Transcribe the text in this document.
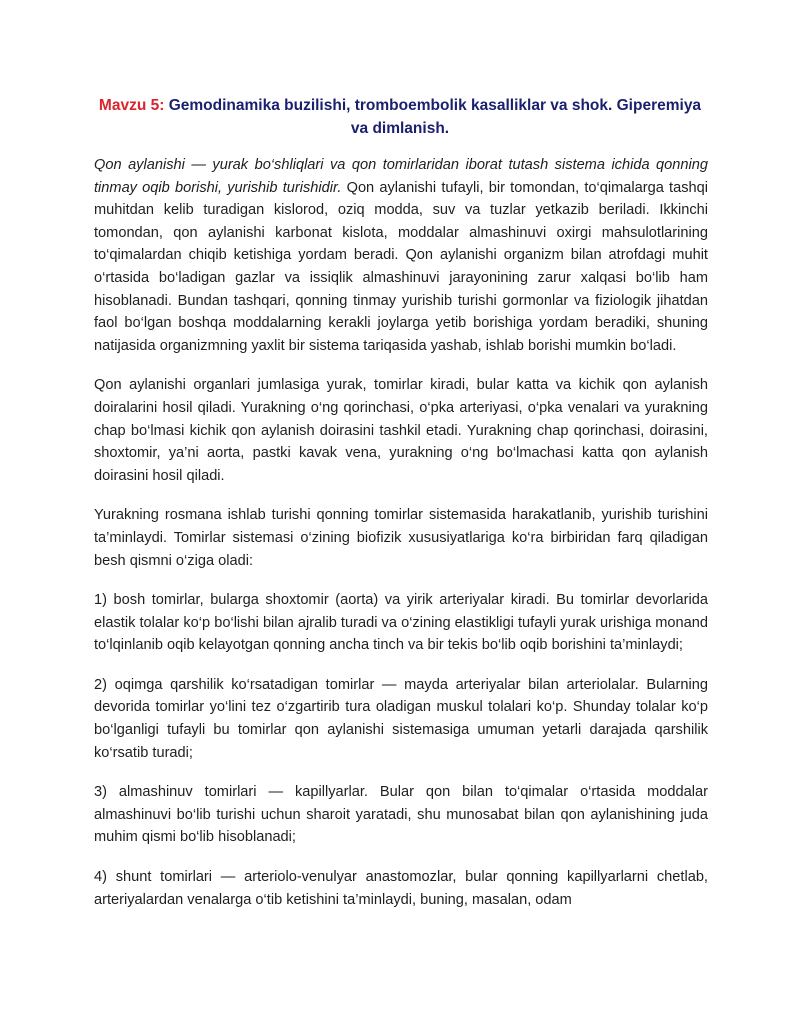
Mavzu 5: Gemodinamika buzilishi, tromboembolik kasalliklar va shok. Giperemiya va dimlanish.

Qon aylanishi — yurak bo‘shliqlari va qon tomirlaridan iborat tutash sistema ichida qonning tinmay oqib borishi, yurishib turishidir. Qon aylanishi tufayli, bir tomondan, to‘qimalarga tashqi muhitdan kelib turadigan kislorod, oziq modda, suv va tuzlar yetkazib beriladi. Ikkinchi tomondan, qon aylanishi karbonat kislota, moddalar almashinuvi oxirgi mahsulotlarining to‘qimalardan chiqib ketishiga yordam beradi. Qon aylanishi organizm bilan atrofdagi muhit o‘rtasida bo‘ladigan gazlar va issiqlik almashinuvi jarayonining zarur xalqasi bo‘lib ham hisoblanadi. Bundan tashqari, qonning tinmay yurishib turishi gormonlar va fiziologik jihatdan faol bo‘lgan boshqa moddalarning kerakli joylarga yetib borishiga yordam beradiki, shuning natijasida organizmning yaxlit bir sistema tariqasida yashab, ishlab borishi mumkin bo‘ladi.

Qon aylanishi organlari jumlasiga yurak, tomirlar kiradi, bular katta va kichik qon aylanish doiralarini hosil qiladi. Yurakning o‘ng qorinchasi, o‘pka arteriyasi, o‘pka venalari va yurakning chap bo‘lmasi kichik qon aylanish doirasini tashkil etadi. Yurakning chap qorinchasi, doirasini, shoxtomir, ya’ni aorta, pastki kavak vena, yurakning o‘ng bo‘lmachasi katta qon aylanish doirasini hosil qiladi.

Yurakning rosmana ishlab turishi qonning tomirlar sistemasida harakatlanib, yurishib turishini ta’minlaydi. Tomirlar sistemasi o‘zining biofizik xususiyatlariga ko‘ra birbiridan farq qiladigan besh qismni o‘ziga oladi:

1) bosh tomirlar, bularga shoxtomir (aorta) va yirik arteriyalar kiradi. Bu tomirlar devorlarida elastik tolalar ko‘p bo‘lishi bilan ajralib turadi va o‘zining elastikligi tufayli yurak urishiga monand to‘lqinlanib oqib kelayotgan qonning ancha tinch va bir tekis bo‘lib oqib borishini ta’minlaydi;

2) oqimga qarshilik ko‘rsatadigan tomirlar — mayda arteriyalar bilan arteriolalar. Bularning devorida tomirlar yo‘lini tez o‘zgartirib tura oladigan muskul tolalari ko‘p. Shunday tolalar ko‘p bo‘lganligi tufayli bu tomirlar qon aylanishi sistemasiga umuman yetarli darajada qarshilik ko‘rsatib turadi;

3) almashinuv tomirlari — kapillyarlar. Bular qon bilan to‘qimalar o‘rtasida moddalar almashinuvi bo‘lib turishi uchun sharoit yaratadi, shu munosabat bilan qon aylanishining juda muhim qismi bo‘lib hisoblanadi;

4) shunt tomirlari — arteriolo-venulyar anastomozlar, bular qonning kapillyarlarni chetlab, arteriyalardan venalarga o‘tib ketishini ta’minlaydi, buning, masalan, odam
